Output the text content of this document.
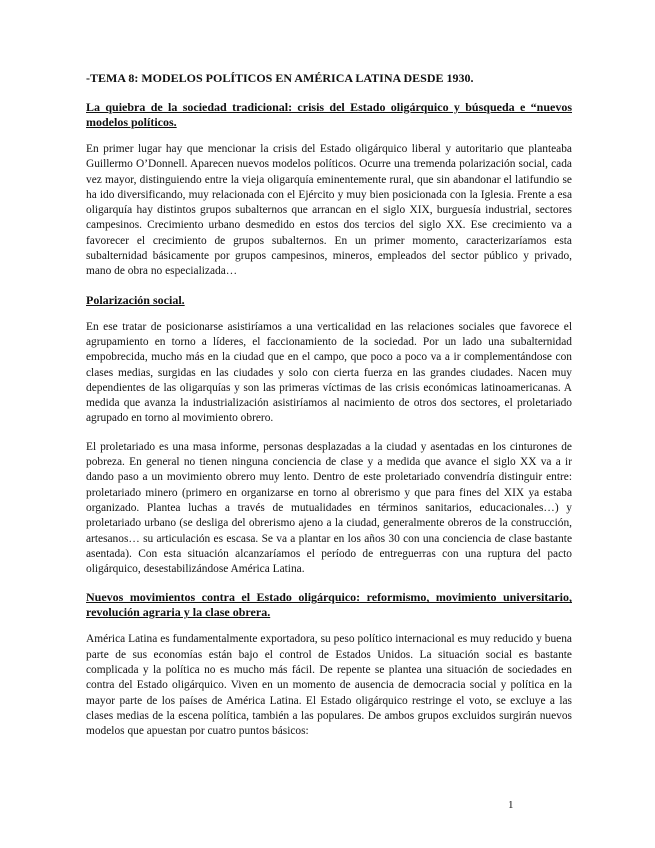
-TEMA 8: MODELOS POLÍTICOS EN AMÉRICA LATINA DESDE 1930.
La quiebra de la sociedad tradicional: crisis del Estado oligárquico y búsqueda e “nuevos modelos políticos.
En primer lugar hay que mencionar la crisis del Estado oligárquico liberal y autoritario que planteaba Guillermo O’Donnell. Aparecen nuevos modelos políticos. Ocurre una tremenda polarización social, cada vez mayor, distinguiendo entre la vieja oligarquía eminentemente rural, que sin abandonar el latifundio se ha ido diversificando, muy relacionada con el Ejército y muy bien posicionada con la Iglesia. Frente a esa oligarquía hay distintos grupos subalternos que arrancan en el siglo XIX, burguesía industrial, sectores campesinos. Crecimiento urbano desmedido en estos dos tercios del siglo XX. Ese crecimiento va a favorecer el crecimiento de grupos subalternos. En un primer momento, caracterizaríamos esta subalternidad básicamente por grupos campesinos, mineros, empleados del sector público y privado, mano de obra no especializada…
Polarización social.
En ese tratar de posicionarse asistiríamos a una verticalidad en las relaciones sociales que favorece el agrupamiento en torno a líderes, el faccionamiento de la sociedad. Por un lado una subalternidad empobrecida, mucho más en la ciudad que en el campo, que poco a poco va a ir complementándose con clases medias, surgidas en las ciudades y solo con cierta fuerza en las grandes ciudades. Nacen muy dependientes de las oligarquías y son las primeras víctimas de las crisis económicas latinoamericanas. A medida que avanza la industrialización asistiríamos al nacimiento de otros dos sectores, el proletariado agrupado en torno al movimiento obrero.
El proletariado es una masa informe, personas desplazadas a la ciudad y asentadas en los cinturones de pobreza. En general no tienen ninguna conciencia de clase y a medida que avance el siglo XX va a ir dando paso a un movimiento obrero muy lento. Dentro de este proletariado convendría distinguir entre: proletariado minero (primero en organizarse en torno al obrerismo y que para fines del XIX ya estaba organizado. Plantea luchas a través de mutualidades en términos sanitarios, educacionales…) y proletariado urbano (se desliga del obrerismo ajeno a la ciudad, generalmente obreros de la construcción, artesanos… su articulación es escasa. Se va a plantar en los años 30 con una conciencia de clase bastante asentada). Con esta situación alcanzaríamos el período de entreguerras con una ruptura del pacto oligárquico, desestabilizándose América Latina.
Nuevos movimientos contra el Estado oligárquico: reformismo, movimiento universitario, revolución agraria y la clase obrera.
América Latina es fundamentalmente exportadora, su peso político internacional es muy reducido y buena parte de sus economías están bajo el control de Estados Unidos. La situación social es bastante complicada y la política no es mucho más fácil. De repente se plantea una situación de sociedades en contra del Estado oligárquico. Viven en un momento de ausencia de democracia social y política en la mayor parte de los países de América Latina. El Estado oligárquico restringe el voto, se excluye a las clases medias de la escena política, también a las populares. De ambos grupos excluidos surgirán nuevos modelos que apuestan por cuatro puntos básicos:
1
